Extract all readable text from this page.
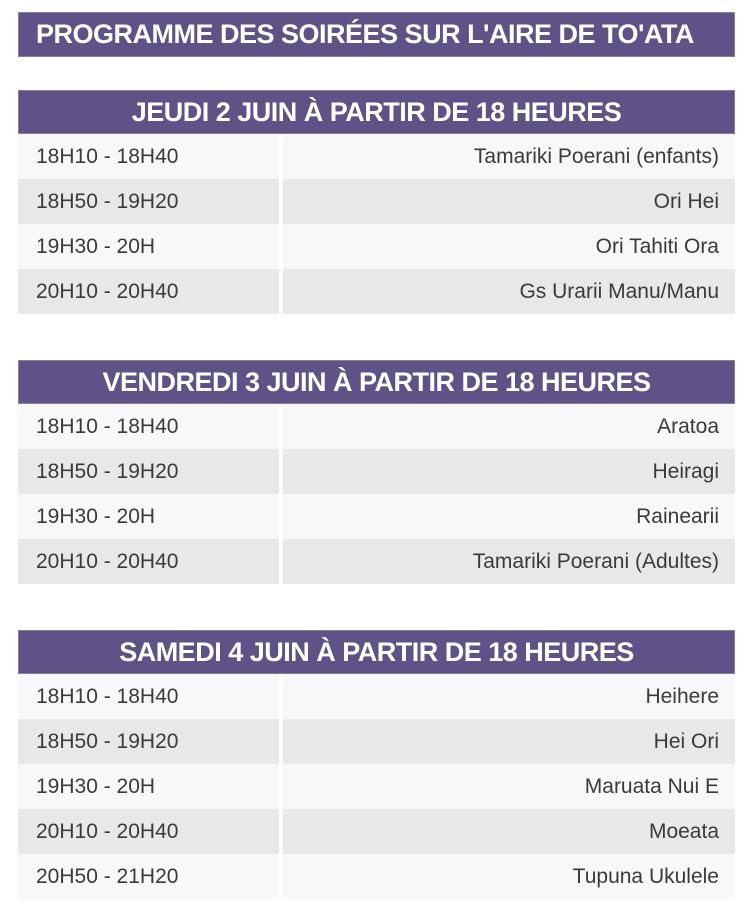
PROGRAMME DES SOIRÉES SUR L'AIRE DE TO'ATA
JEUDI 2 JUIN À PARTIR DE 18 HEURES
18H10 - 18H40	Tamariki Poerani (enfants)
18H50 - 19H20	Ori Hei
19H30 - 20H	Ori Tahiti Ora
20H10 - 20H40	Gs Urarii Manu/Manu
VENDREDI 3 JUIN À PARTIR DE 18 HEURES
18H10 - 18H40	Aratoa
18H50 - 19H20	Heiragi
19H30 - 20H	Rainearii
20H10 - 20H40	Tamariki Poerani (Adultes)
SAMEDI 4 JUIN À PARTIR DE 18 HEURES
18H10 - 18H40	Heihere
18H50 - 19H20	Hei Ori
19H30 - 20H	Maruata Nui E
20H10 - 20H40	Moeata
20H50 - 21H20	Tupuna Ukulele
